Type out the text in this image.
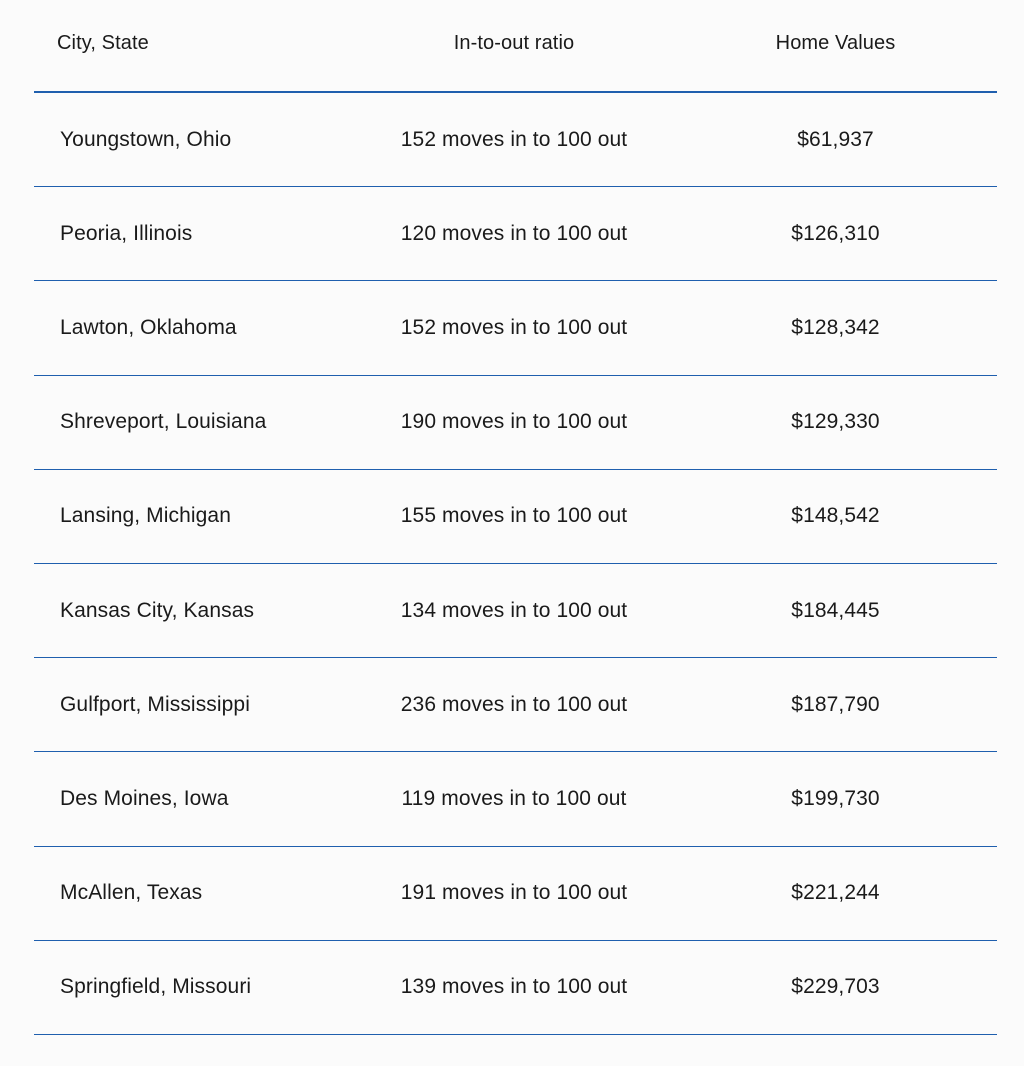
City, State	In-to-out ratio	Home Values
Youngstown, Ohio	152 moves in to 100 out	$61,937
Peoria, Illinois	120 moves in to 100 out	$126,310
Lawton, Oklahoma	152 moves in to 100 out	$128,342
Shreveport, Louisiana	190 moves in to 100 out	$129,330
Lansing, Michigan	155 moves in to 100 out	$148,542
Kansas City, Kansas	134 moves in to 100 out	$184,445
Gulfport, Mississippi	236 moves in to 100 out	$187,790
Des Moines, Iowa	119 moves in to 100 out	$199,730
McAllen, Texas	191 moves in to 100 out	$221,244
Springfield, Missouri	139 moves in to 100 out	$229,703
